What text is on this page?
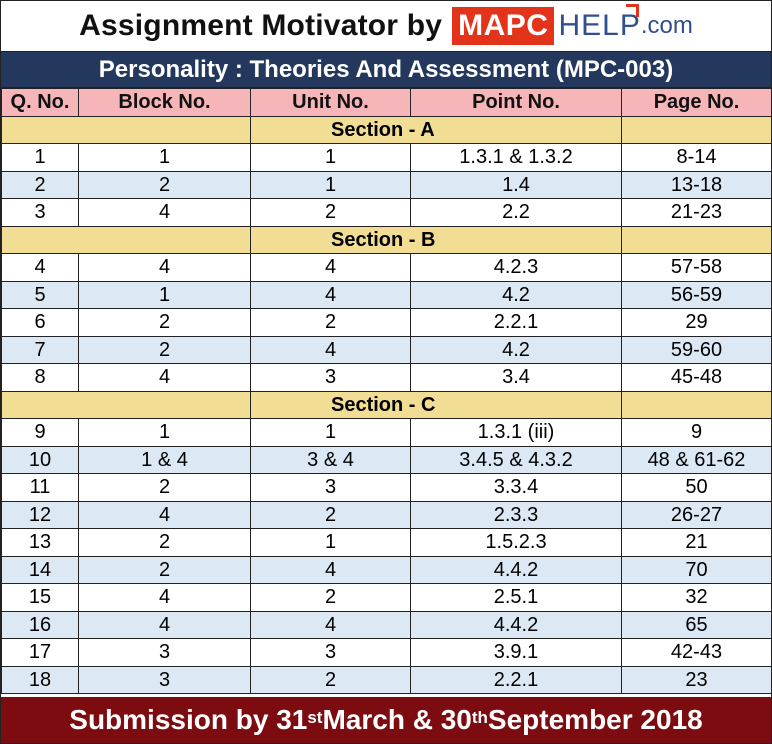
Assignment Motivator by MAPC HELP .com
Personality : Theories And Assessment (MPC-003)
Q. No.	Block No.	Unit No.	Point No.	Page No.
		Section - A		
1	1	1	1.3.1 & 1.3.2	8-14
2	2	1	1.4	13-18
3	4	2	2.2	21-23
		Section - B		
4	4	4	4.2.3	57-58
5	1	4	4.2	56-59
6	2	2	2.2.1	29
7	2	4	4.2	59-60
8	4	3	3.4	45-48
		Section - C		
9	1	1	1.3.1 (iii)	9
10	1 & 4	3 & 4	3.4.5 & 4.3.2	48 & 61-62
11	2	3	3.3.4	50
12	4	2	2.3.3	26-27
13	2	1	1.5.2.3	21
14	2	4	4.4.2	70
15	4	2	2.5.1	32
16	4	4	4.4.2	65
17	3	3	3.9.1	42-43
18	3	2	2.2.1	23
Submission by 31st March & 30th September 2018
